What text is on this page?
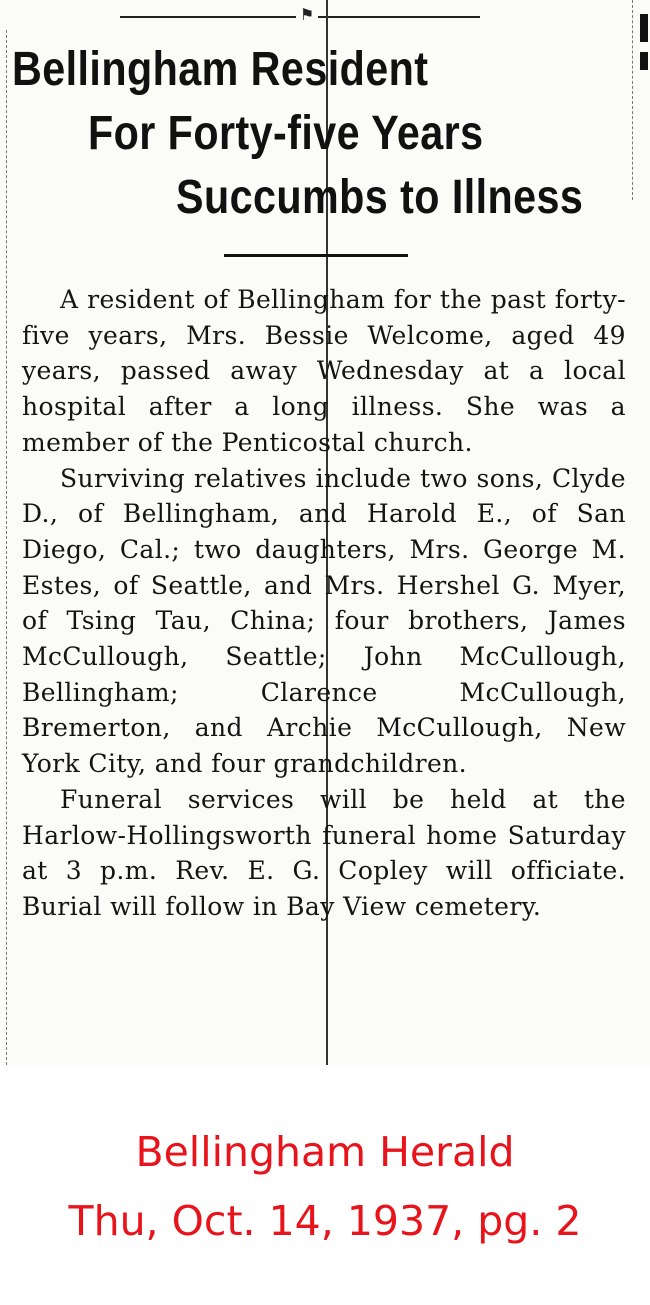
⚑
Bellingham Resident
For Forty-five Years
Succumbs to Illness

A resident of Bellingham for the past forty-five years, Mrs. Bessie Welcome, aged 49 years, passed away Wednesday at a local hospital after a long illness. She was a member of the Penticostal church.

Surviving relatives include two sons, Clyde D., of Bellingham, and Harold E., of San Diego, Cal.; two daughters, Mrs. George M. Estes, of Seattle, and Mrs. Hershel G. Myer, of Tsing Tau, China; four brothers, James McCullough, Seattle; John McCullough, Bellingham; Clarence McCullough, Bremerton, and Archie McCullough, New York City, and four grandchildren.

Funeral services will be held at the Harlow-Hollingsworth funeral home Saturday at 3 p.m. Rev. E. G. Copley will officiate. Burial will follow in Bay View cemetery.

Bellingham Herald
Thu, Oct. 14, 1937, pg. 2
